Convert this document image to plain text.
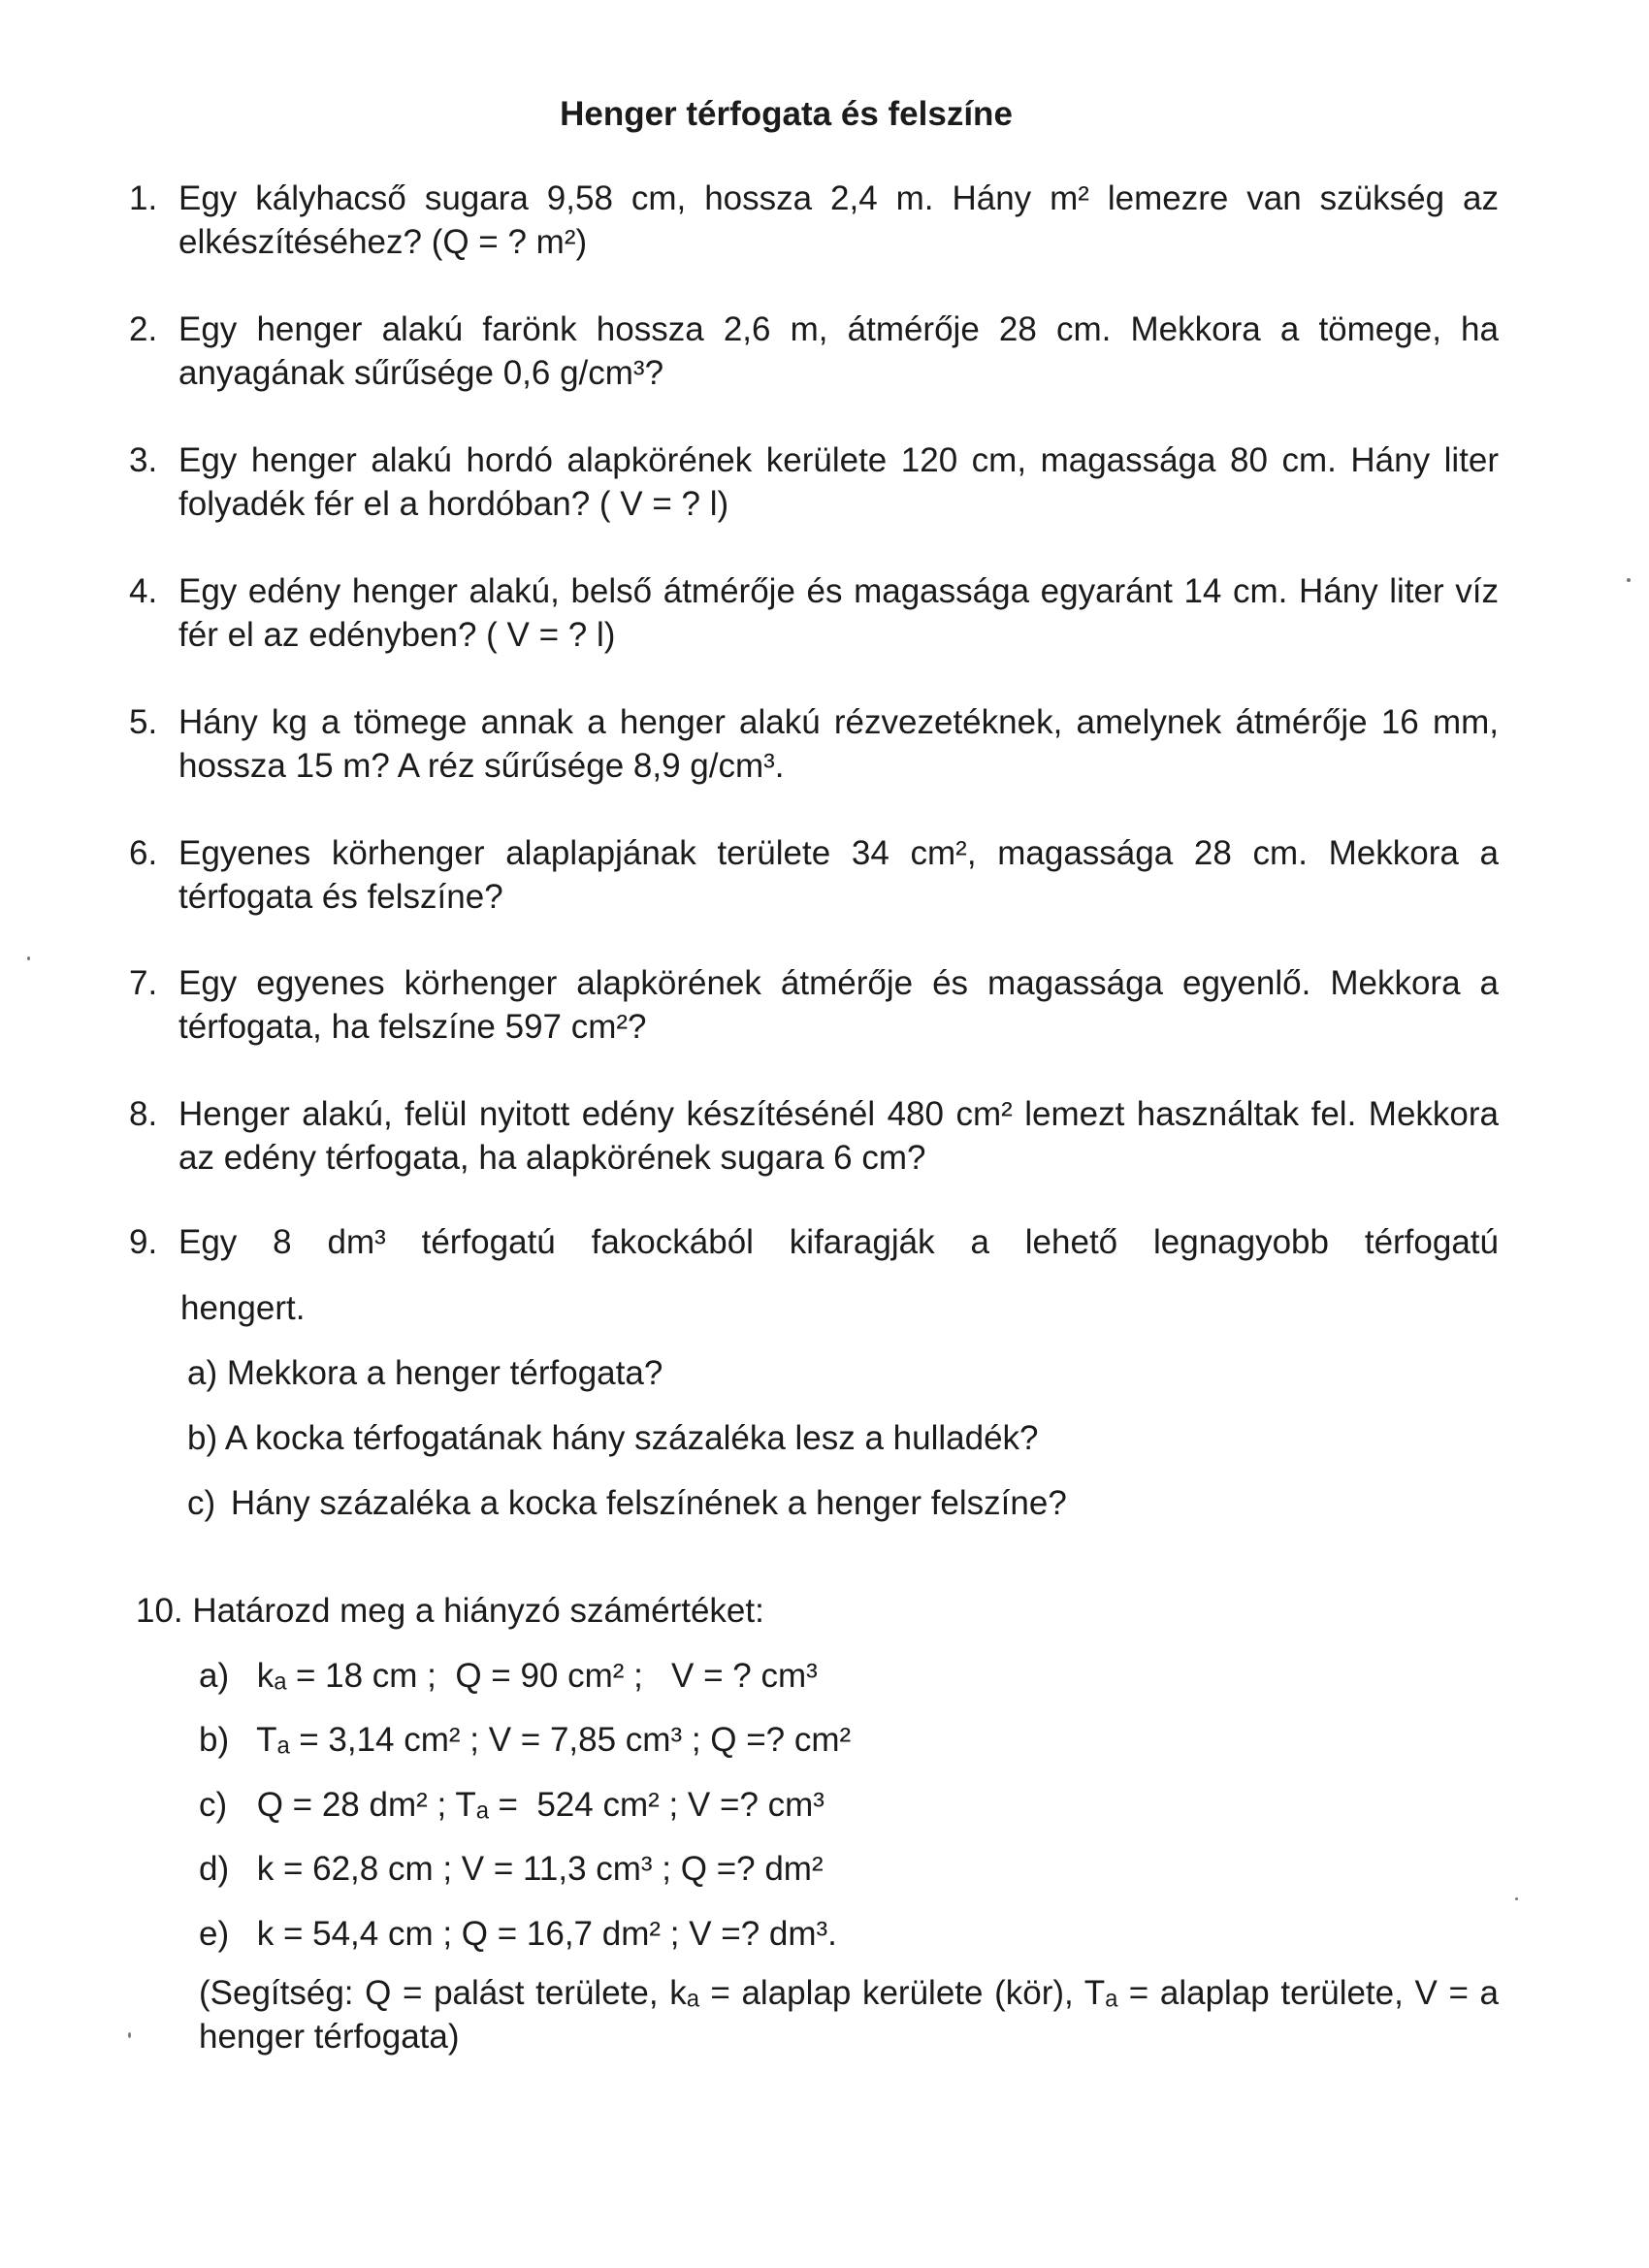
Henger térfogata és felszíne
1. Egy kályhacső sugara 9,58 cm, hossza 2,4 m. Hány m² lemezre van szükség az elkészítéséhez? (Q = ? m²)
2. Egy henger alakú farönk hossza 2,6 m, átmérője 28 cm. Mekkora a tömege, ha anyagának sűrűsége 0,6 g/cm³?
3. Egy henger alakú hordó alapkörének kerülete 120 cm, magassága 80 cm. Hány liter folyadék fér el a hordóban? ( V = ? l)
4. Egy edény henger alakú, belső átmérője és magassága egyaránt 14 cm. Hány liter víz fér el az edényben? ( V = ? l)
5. Hány kg a tömege annak a henger alakú rézvezetéknek, amelynek átmérője 16 mm, hossza 15 m? A réz sűrűsége 8,9 g/cm³.
6. Egyenes körhenger alaplapjának területe 34 cm², magassága 28 cm. Mekkora a térfogata és felszíne?
7. Egy egyenes körhenger alapkörének átmérője és magassága egyenlő. Mekkora a térfogata, ha felszíne 597 cm²?
8. Henger alakú, felül nyitott edény készítésénél 480 cm² lemezt használtak fel. Mekkora az edény térfogata, ha alapkörének sugara 6 cm?
9. Egy 8 dm³ térfogatú fakockából kifaragják a lehető legnagyobb térfogatú
hengert.
a) Mekkora a henger térfogata?
b) A kocka térfogatának hány százaléka lesz a hulladék?
c) Hány százaléka a kocka felszínének a henger felszíne?
10. Határozd meg a hiányzó számértéket:
a) kₐ = 18 cm ;  Q = 90 cm² ;   V = ? cm³
b) Tₐ = 3,14 cm² ; V = 7,85 cm³ ; Q =? cm²
c) Q = 28 dm² ; Tₐ =  524 cm² ; V =? cm³
d) k = 62,8 cm ; V = 11,3 cm³ ; Q =? dm²
e) k = 54,4 cm ; Q = 16,7 dm² ; V =? dm³.
(Segítség: Q = palást területe, kₐ = alaplap kerülete (kör), Tₐ = alaplap területe, V = a henger térfogata)
